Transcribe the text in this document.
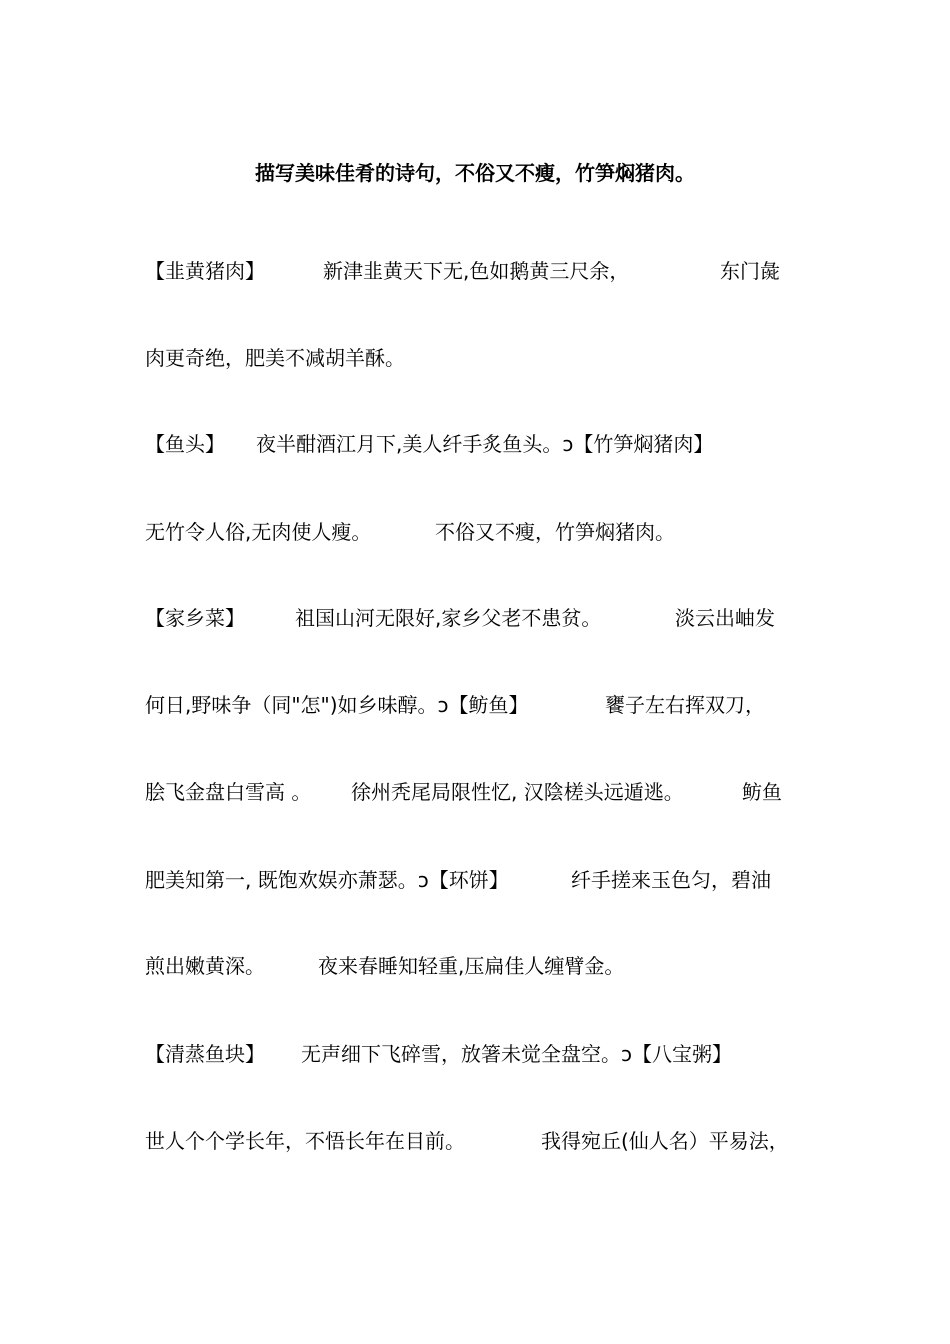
描写美味佳肴的诗句，不俗又不瘦，竹笋焖猪肉。
【韭黄猪肉】	新津韭黄天下无,色如鹅黄三尺余，	东门彘
肉更奇绝，肥美不减胡羊酥。
【鱼头】 夜半酣酒江月下,美人纤手炙鱼头。ↄ【竹笋焖猪肉】
无竹令人俗,无肉使人瘦。	不俗又不瘦，竹笋焖猪肉。
【家乡菜】	祖国山河无限好,家乡父老不患贫。	淡云出岫发
何日,野味争（同"怎")如乡味醇。ↄ【鲂鱼】	饔子左右挥双刀，
脍飞金盘白雪高 。 徐州秃尾局限性忆, 汉陰槎头远遁逃。	鲂鱼
肥美知第一, 既饱欢娱亦萧瑟。ↄ【环饼】	纤手搓来玉色匀，碧油
煎出嫩黄深。	夜来春睡知轻重,压扁佳人缠臂金。
【清蒸鱼块】 无声细下飞碎雪，放箸未觉全盘空。ↄ【八宝粥】
世人个个学长年，不悟长年在目前。	我得宛丘(仙人名）平易法，
